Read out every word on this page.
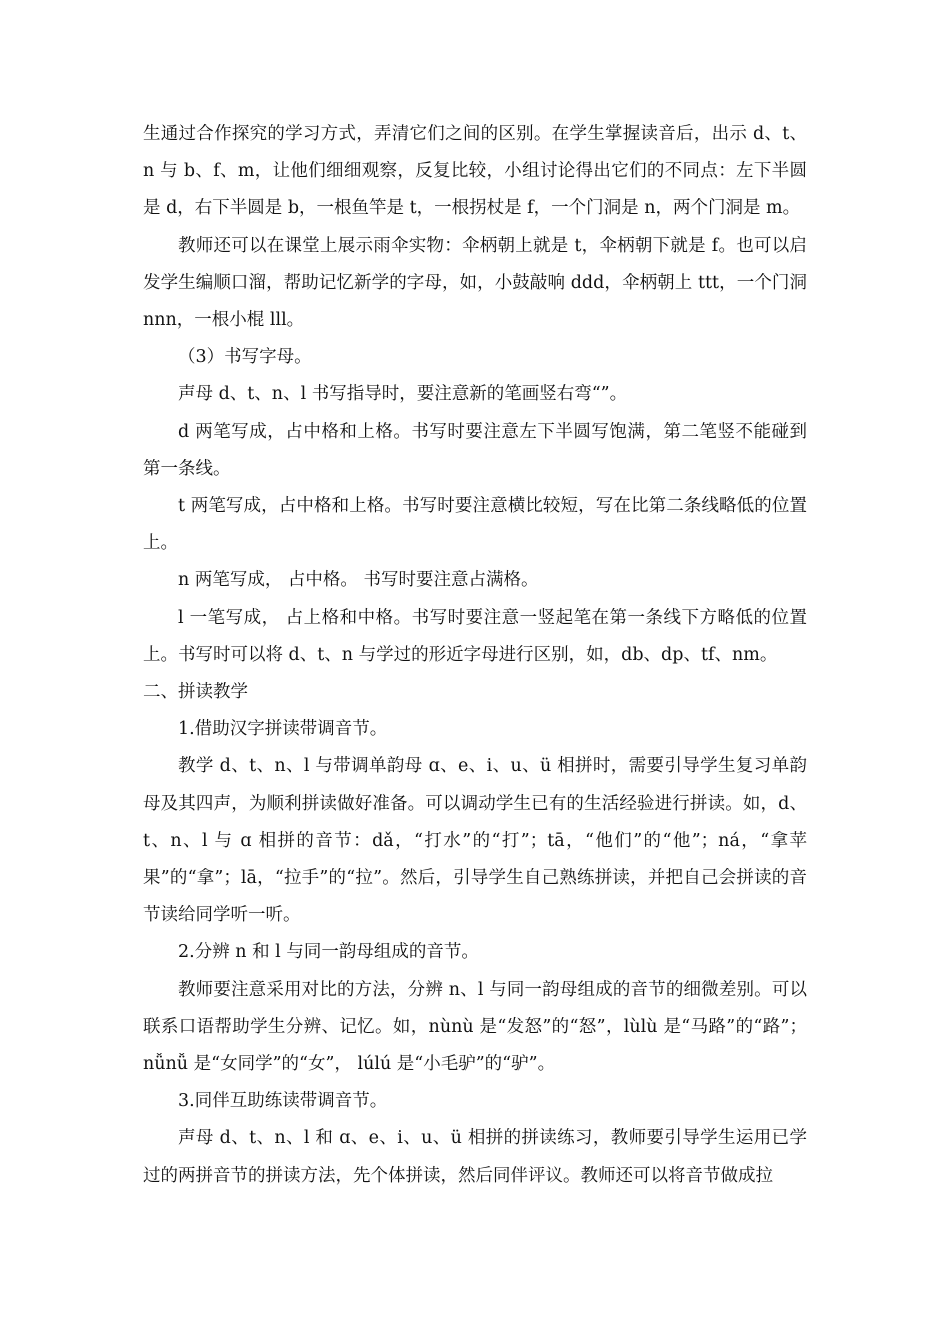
生通过合作探究的学习方式，弄清它们之间的区别。在学生掌握读音后，出示 d、t、n 与 b、f、m，让他们细细观察，反复比较，小组讨论得出它们的不同点：左下半圆是 d，右下半圆是 b，一根鱼竿是 t，一根拐杖是 f，一个门洞是 n，两个门洞是 m。

教师还可以在课堂上展示雨伞实物：伞柄朝上就是 t，伞柄朝下就是 f。也可以启发学生编顺口溜，帮助记忆新学的字母，如，小鼓敲响 ddd，伞柄朝上 ttt，一个门洞 nnn，一根小棍 lll。

（3）书写字母。

声母 d、t、n、l 书写指导时，要注意新的笔画竖右弯“”。

d 两笔写成，占中格和上格。书写时要注意左下半圆写饱满，第二笔竖不能碰到第一条线。

t 两笔写成，占中格和上格。书写时要注意横比较短，写在比第二条线略低的位置上。

n 两笔写成， 占中格。 书写时要注意占满格。

l 一笔写成， 占上格和中格。书写时要注意一竖起笔在第一条线下方略低的位置上。书写时可以将 d、t、n 与学过的形近字母进行区别，如，db、dp、tf、nm。

二、拼读教学

1.借助汉字拼读带调音节。

教学 d、t、n、l 与带调单韵母 ɑ、e、i、u、ü 相拼时，需要引导学生复习单韵母及其四声，为顺利拼读做好准备。可以调动学生已有的生活经验进行拼读。如，d、t、n、l 与 ɑ 相拼的音节：dǎ，“打水”的“打”；tā，“他们”的“他”；ná，“拿苹果”的“拿”；lā，“拉手”的“拉”。然后，引导学生自己熟练拼读，并把自己会拼读的音节读给同学听一听。

2.分辨 n 和 l 与同一韵母组成的音节。

教师要注意采用对比的方法，分辨 n、l 与同一韵母组成的音节的细微差别。可以联系口语帮助学生分辨、记忆。如，nùnù 是“发怒”的“怒”，lùlù 是“马路”的“路”； nǚnǚ 是“女同学”的“女”， lúlú 是“小毛驴”的“驴”。

3.同伴互助练读带调音节。

声母 d、t、n、l 和 ɑ、e、i、u、ü 相拼的拼读练习，教师要引导学生运用已学过的两拼音节的拼读方法，先个体拼读，然后同伴评议。教师还可以将音节做成拉
